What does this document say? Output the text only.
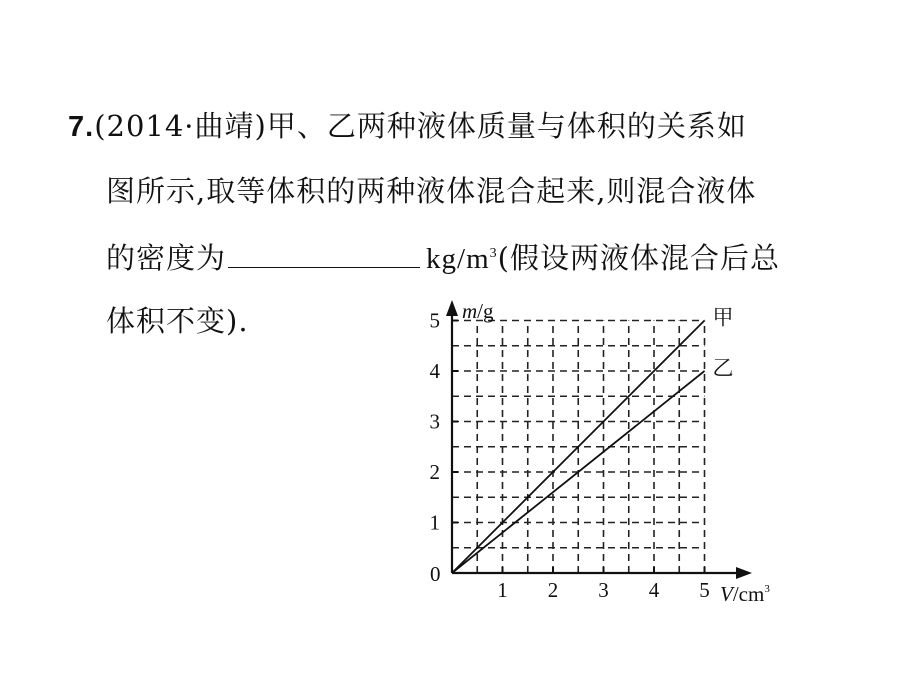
7.(2014·曲靖)甲、乙两种液体质量与体积的关系如
图所示,取等体积的两种液体混合起来,则混合液体
的密度为	$kg/m^3$(假设两液体混合后总
体积不变).	m/g
$V/cm^3$
0
1 2 3 4 5
1
2
3
4
5	甲
乙
